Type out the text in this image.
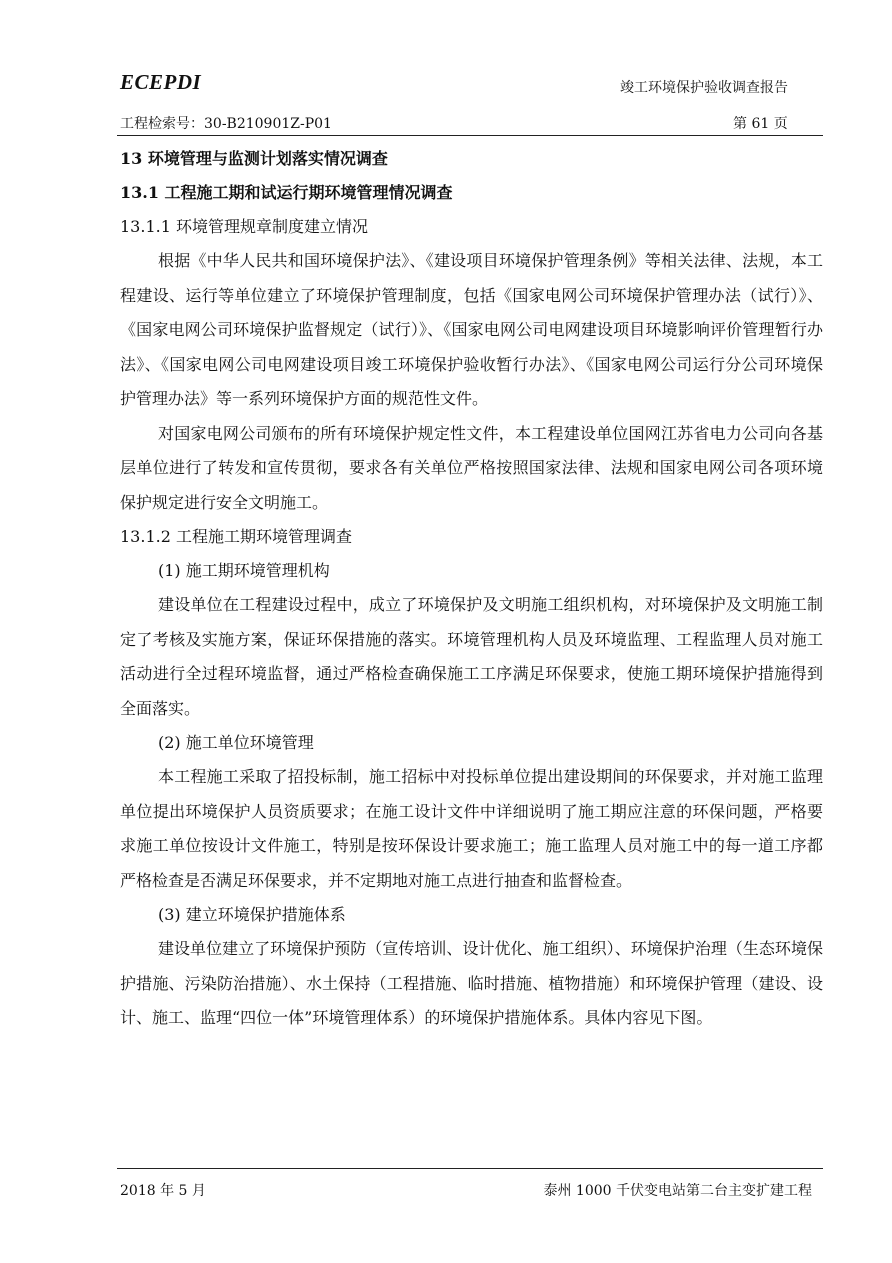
ECEPDI	竣工环境保护验收调查报告
工程检索号：30-B210901Z-P01	第 61 页
13 环境管理与监测计划落实情况调查
13.1 工程施工期和试运行期环境管理情况调查
13.1.1 环境管理规章制度建立情况

根据《中华人民共和国环境保护法》、《建设项目环境保护管理条例》等相关法律、法规，本工程建设、运行等单位建立了环境保护管理制度，包括《国家电网公司环境保护管理办法（试行）》、《国家电网公司环境保护监督规定（试行）》、《国家电网公司电网建设项目环境影响评价管理暂行办法》、《国家电网公司电网建设项目竣工环境保护验收暂行办法》、《国家电网公司运行分公司环境保护管理办法》等一系列环境保护方面的规范性文件。

对国家电网公司颁布的所有环境保护规定性文件，本工程建设单位国网江苏省电力公司向各基层单位进行了转发和宣传贯彻，要求各有关单位严格按照国家法律、法规和国家电网公司各项环境保护规定进行安全文明施工。

13.1.2 工程施工期环境管理调查
(1) 施工期环境管理机构

建设单位在工程建设过程中，成立了环境保护及文明施工组织机构，对环境保护及文明施工制定了考核及实施方案，保证环保措施的落实。环境管理机构人员及环境监理、工程监理人员对施工活动进行全过程环境监督，通过严格检查确保施工工序满足环保要求，使施工期环境保护措施得到全面落实。

(2) 施工单位环境管理

本工程施工采取了招投标制，施工招标中对投标单位提出建设期间的环保要求，并对施工监理单位提出环境保护人员资质要求；在施工设计文件中详细说明了施工期应注意的环保问题，严格要求施工单位按设计文件施工，特别是按环保设计要求施工；施工监理人员对施工中的每一道工序都严格检查是否满足环保要求，并不定期地对施工点进行抽查和监督检查。

(3) 建立环境保护措施体系

建设单位建立了环境保护预防（宣传培训、设计优化、施工组织）、环境保护治理（生态环境保护措施、污染防治措施）、水土保持（工程措施、临时措施、植物措施）和环境保护管理（建设、设计、施工、监理“四位一体”环境管理体系）的环境保护措施体系。具体内容见下图。

2018 年 5 月	泰州 1000 千伏变电站第二台主变扩建工程
